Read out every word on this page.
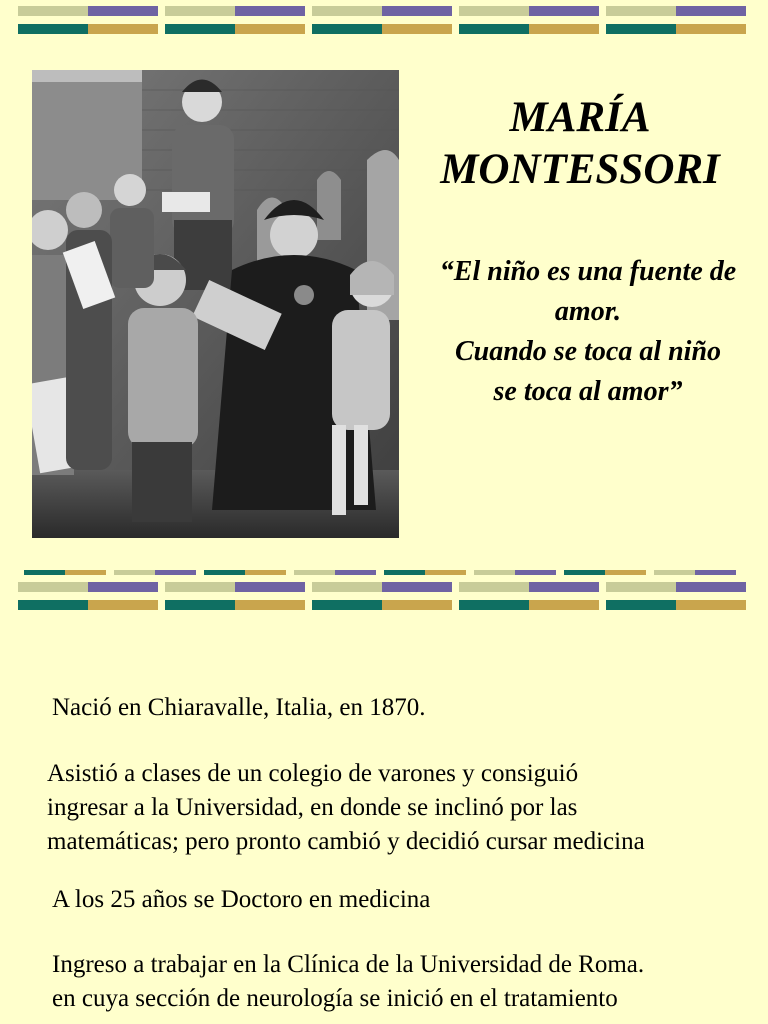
MARÍA
MONTESSORI

“El niño es una fuente de
amor.
Cuando se toca al niño
se toca al amor”

Nació en Chiaravalle, Italia, en 1870.

Asistió a clases de un colegio de varones y consiguió
ingresar a la Universidad, en donde se inclinó por las
matemáticas; pero pronto cambió y decidió cursar medicina

A los 25 años se Doctoro en medicina

Ingreso a trabajar en la Clínica de la Universidad de Roma.
en cuya sección de neurología se inició en el tratamiento
